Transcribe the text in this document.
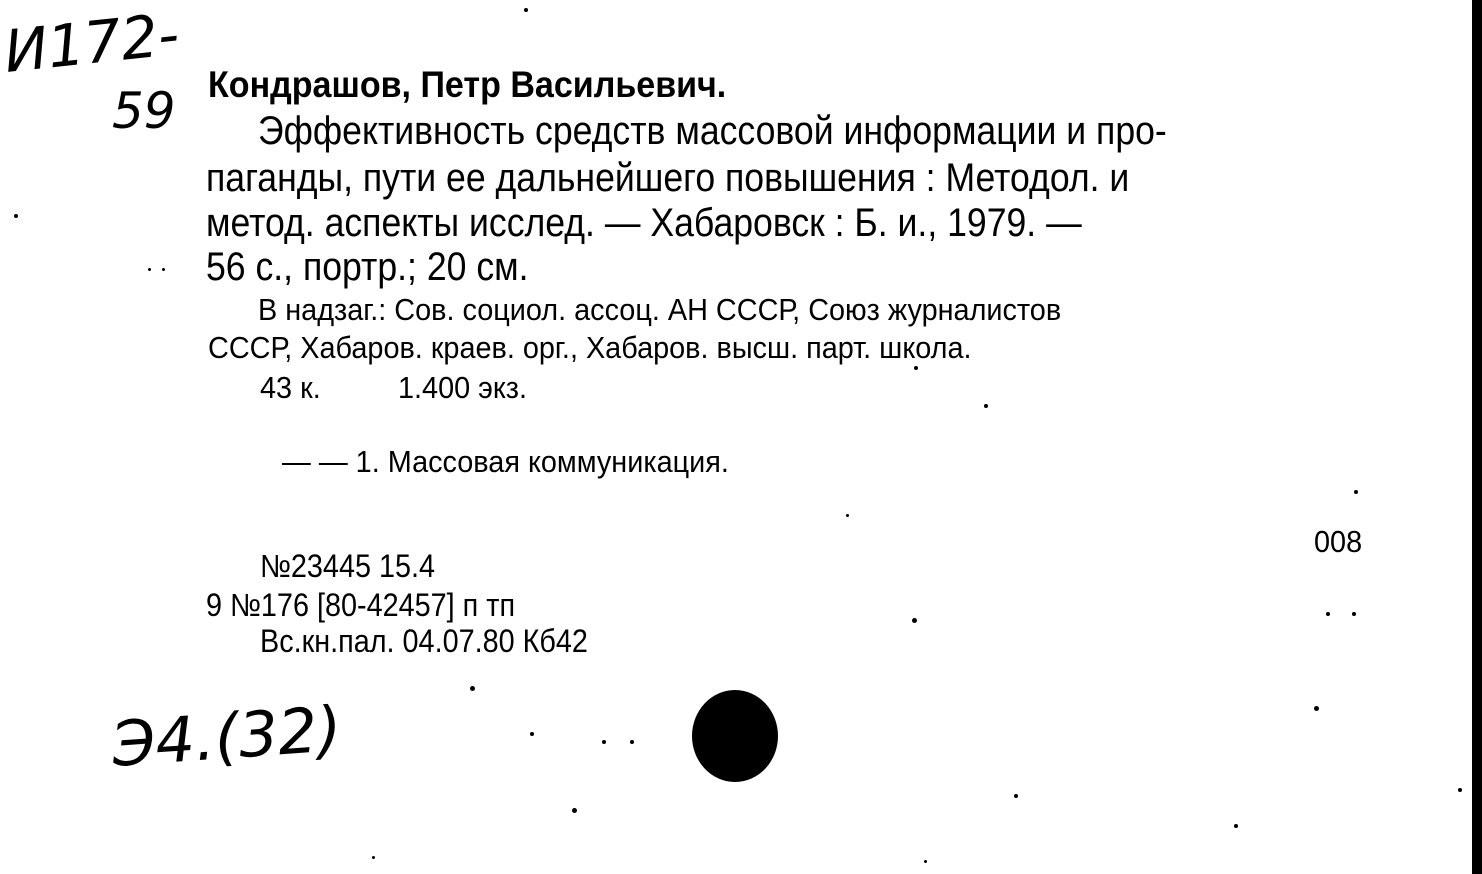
И172-
59 Кондрашов, Петр Васильевич.
Эффективность средств массовой информации и про-
паганды, пути ее дальнейшего повышения : Методол. и
метод. аспекты исслед. — Хабаровск : Б. и., 1979. —
56 с., портр.; 20 см.
В надзаг.: Сов. социол. ассоц. АН СССР, Союз журналистов
СССР, Хабаров. краев. орг., Хабаров. высш. парт. школа.
43 к. 1.400 экз.
— — 1. Массовая коммуникация.
008
№23445 15.4
9 №176 [80-42457] п тп
Вс.кн.пал. 04.07.80 Кб42
Э4.(32)
